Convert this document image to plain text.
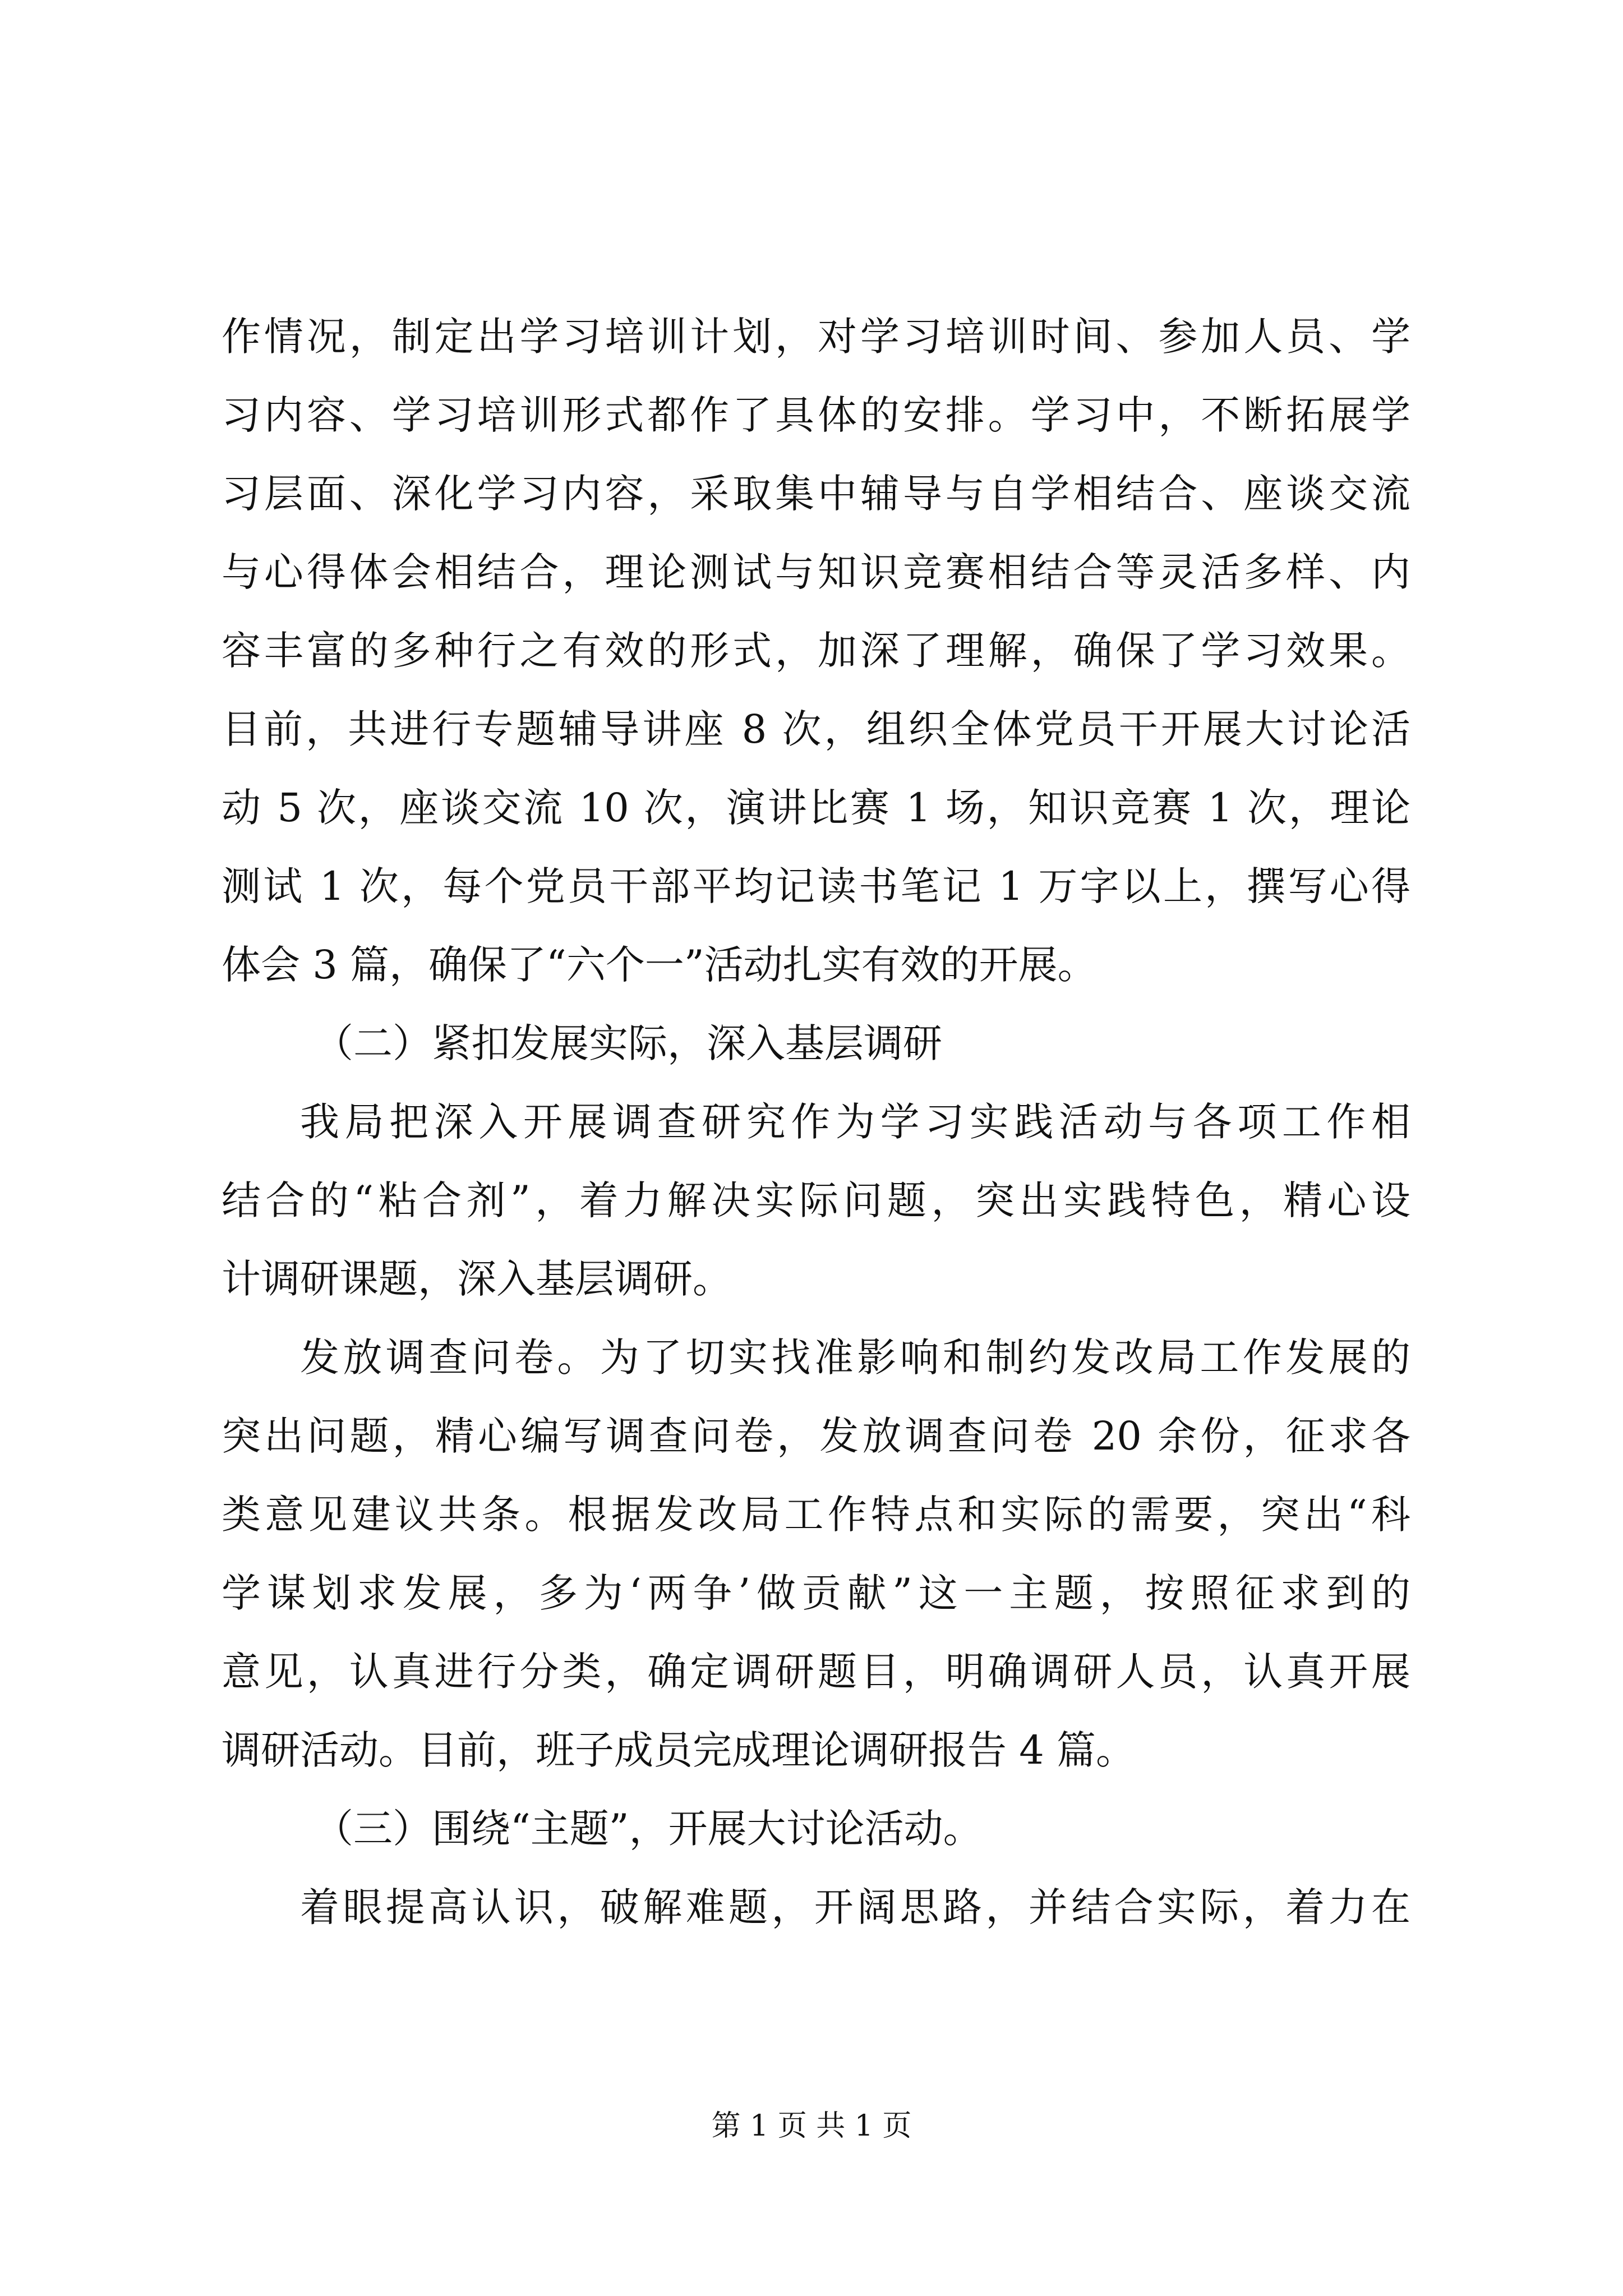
作情况，制定出学习培训计划，对学习培训时间、参加人员、学
习内容、学习培训形式都作了具体的安排。学习中，不断拓展学
习层面、深化学习内容，采取集中辅导与自学相结合、座谈交流
与心得体会相结合，理论测试与知识竞赛相结合等灵活多样、内
容丰富的多种行之有效的形式，加深了理解，确保了学习效果。
目前，共进行专题辅导讲座 8 次，组织全体党员干开展大讨论活
动 5 次，座谈交流 10 次，演讲比赛 1 场，知识竞赛 1 次，理论
测试 1 次，每个党员干部平均记读书笔记 1 万字以上，撰写心得
体会 3 篇，确保了“六个一”活动扎实有效的开展。
（二）紧扣发展实际，深入基层调研
我局把深入开展调查研究作为学习实践活动与各项工作相
结合的“粘合剂”，着力解决实际问题，突出实践特色，精心设
计调研课题，深入基层调研。
发放调查问卷。为了切实找准影响和制约发改局工作发展的
突出问题，精心编写调查问卷，发放调查问卷 20 余份，征求各
类意见建议共条。根据发改局工作特点和实际的需要，突出“科
学谋划求发展，多为‘两争’做贡献”这一主题，按照征求到的
意见，认真进行分类，确定调研题目，明确调研人员，认真开展
调研活动。目前，班子成员完成理论调研报告 4 篇。
（三）围绕“主题”，开展大讨论活动。
着眼提高认识，破解难题，开阔思路，并结合实际，着力在
第 1 页 共 1 页
